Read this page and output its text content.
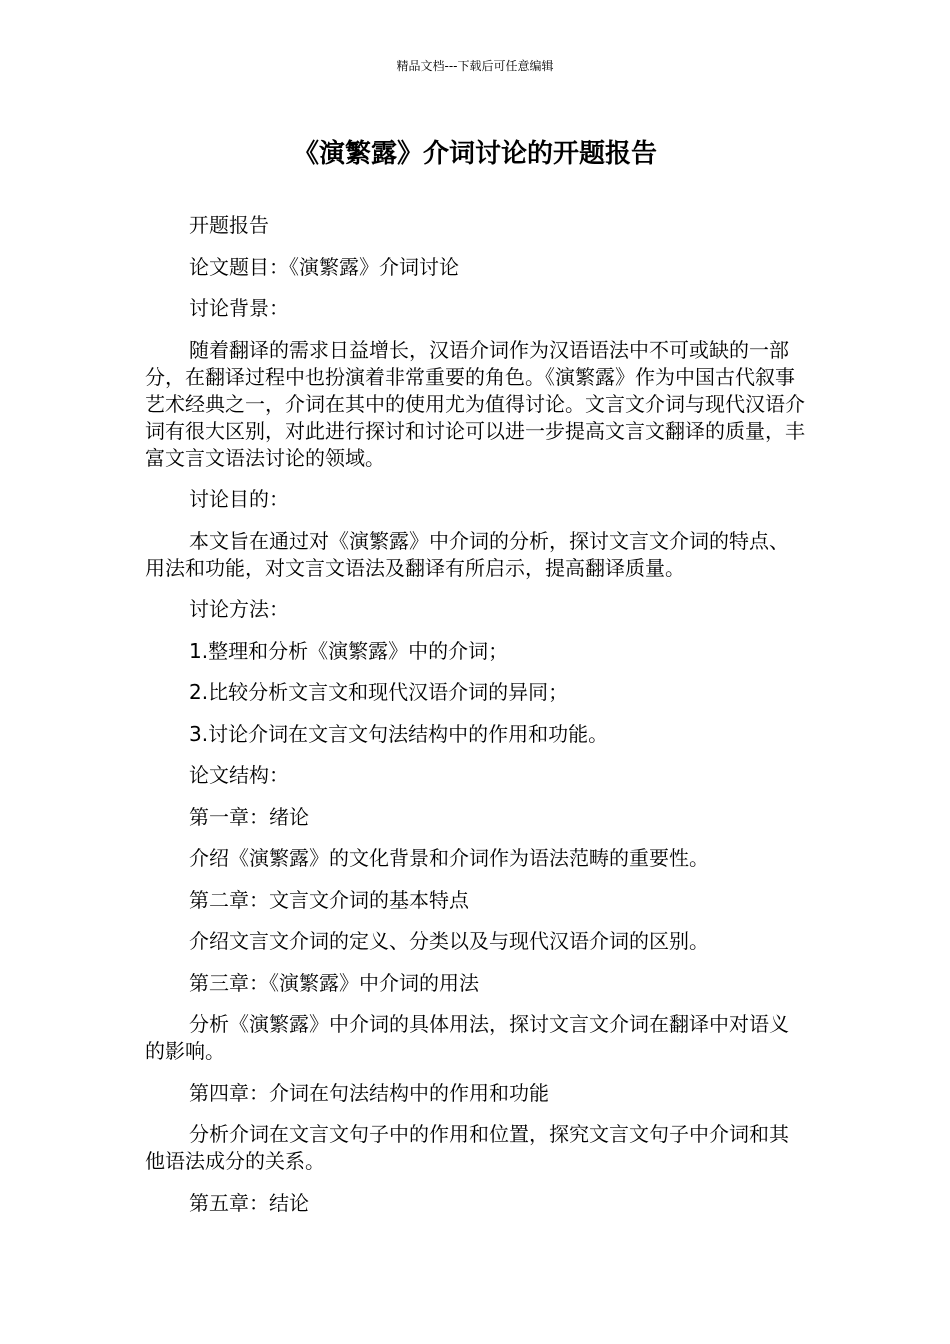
精品文档---下载后可任意编辑
《演繁露》介词讨论的开题报告

开题报告

论文题目：《演繁露》介词讨论

讨论背景：

随着翻译的需求日益增长，汉语介词作为汉语语法中不可或缺的一部分，在翻译过程中也扮演着非常重要的角色。《演繁露》作为中国古代叙事艺术经典之一，介词在其中的使用尤为值得讨论。文言文介词与现代汉语介词有很大区别，对此进行探讨和讨论可以进一步提高文言文翻译的质量，丰富文言文语法讨论的领域。

讨论目的：

本文旨在通过对《演繁露》中介词的分析，探讨文言文介词的特点、用法和功能，对文言文语法及翻译有所启示，提高翻译质量。

讨论方法：

1.整理和分析《演繁露》中的介词；

2.比较分析文言文和现代汉语介词的异同；

3.讨论介词在文言文句法结构中的作用和功能。

论文结构：

第一章：绪论

介绍《演繁露》的文化背景和介词作为语法范畴的重要性。

第二章：文言文介词的基本特点

介绍文言文介词的定义、分类以及与现代汉语介词的区别。

第三章：《演繁露》中介词的用法

分析《演繁露》中介词的具体用法，探讨文言文介词在翻译中对语义的影响。

第四章：介词在句法结构中的作用和功能

分析介词在文言文句子中的作用和位置，探究文言文句子中介词和其他语法成分的关系。

第五章：结论
